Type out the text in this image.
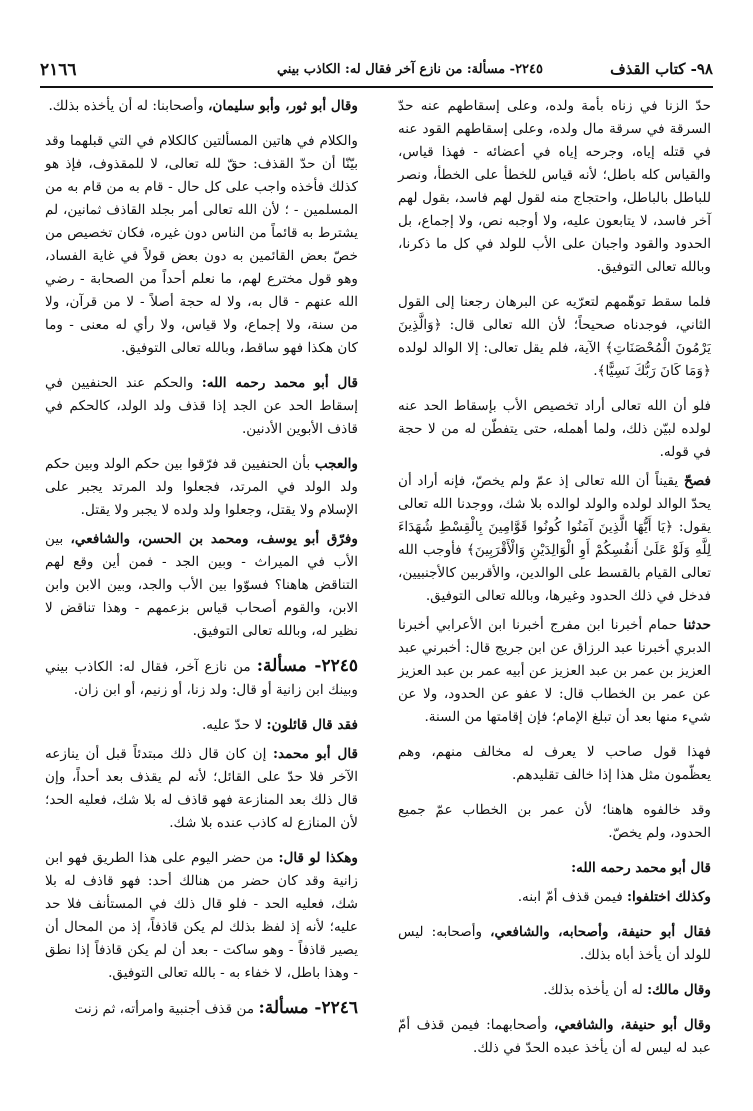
٩٨- كتاب القذف
٢٢٤٥- مسألة: من نازع آخر فقال له: الكاذب بيني
٢١٦٦

حدّ الزنا في زناه بأمة ولده، وعلى إسقاطهم عنه حدّ السرقة في سرقة مال ولده، وعلى إسقاطهم القود عنه في قتله إياه، وجرحه إياه في أعضائه - فهذا قياس، والقياس كله باطل؛ لأنه قياس للخطأ على الخطأ، ونصر للباطل بالباطل، واحتجاج منه لقول لهم فاسد، بقول لهم آخر فاسد، لا يتابعون عليه، ولا أوجبه نص، ولا إجماع، بل الحدود والقود واجبان على الأب للولد في كل ما ذكرنا، وبالله تعالى التوفيق.

فلما سقط توهّمهم لتعرّيه عن البرهان رجعنا إلى القول الثاني، فوجدناه صحيحاً؛ لأن الله تعالى قال: ﴿وَالَّذِينَ يَرْمُونَ الْمُحْصَنَاتِ﴾ الآية، فلم يقل تعالى: إلا الوالد لولده ﴿وَمَا كَانَ رَبُّكَ نَسِيًّا﴾.

فلو أن الله تعالى أراد تخصيص الأب بإسقاط الحد عنه لولده لبيّن ذلك، ولما أهمله، حتى يتفطّن له من لا حجة في قوله.

فصحّ يقيناً أن الله تعالى إذ عمّ ولم يخصّ، فإنه أراد أن يحدّ الوالد لولده والولد لوالده بلا شك، ووجدنا الله تعالى يقول: ﴿يَا أَيُّهَا الَّذِينَ آمَنُوا كُونُوا قَوَّامِينَ بِالْقِسْطِ شُهَدَاءَ لِلَّهِ وَلَوْ عَلَىٰ أَنفُسِكُمْ أَوِ الْوَالِدَيْنِ وَالْأَقْرَبِينَ﴾ فأوجب الله تعالى القيام بالقسط على الوالدين، والأقربين كالأجنبيين، فدخل في ذلك الحدود وغيرها، وبالله تعالى التوفيق.

حدثنا حمام أخبرنا ابن مفرج أخبرنا ابن الأعرابي أخبرنا الدبري أخبرنا عبد الرزاق عن ابن جريج قال: أخبرني عبد العزيز بن عمر بن عبد العزيز عن أبيه عمر بن عبد العزيز عن عمر بن الخطاب قال: لا عفو عن الحدود، ولا عن شيء منها بعد أن تبلغ الإمام؛ فإن إقامتها من السنة.

فهذا قول صاحب لا يعرف له مخالف منهم، وهم يعظّمون مثل هذا إذا خالف تقليدهم.

وقد خالفوه هاهنا؛ لأن عمر بن الخطاب عمّ جميع الحدود، ولم يخصّ.

قال أبو محمد رحمه الله:

وكذلك اختلفوا: فيمن قذف أمّ ابنه.

فقال أبو حنيفة، وأصحابه، والشافعي، وأصحابه: ليس للولد أن يأخذ أباه بذلك.

وقال مالك: له أن يأخذه بذلك.

وقال أبو حنيفة، والشافعي، وأصحابهما: فيمن قذف أمّ عبد له ليس له أن يأخذ عبده الحدّ في ذلك.

وقال أبو ثور، وأبو سليمان، وأصحابنا: له أن يأخذه بذلك.

والكلام في هاتين المسألتين كالكلام في التي قبلهما وقد بيّنّا أن حدّ القذف: حقّ لله تعالى، لا للمقذوف، فإذ هو كذلك فأخذه واجب على كل حال - قام به من قام به من المسلمين - ؛ لأن الله تعالى أمر بجلد القاذف ثمانين، لم يشترط به قائماً من الناس دون غيره، فكان تخصيص من خصّ بعض القائمين به دون بعض قولاً في غاية الفساد، وهو قول مخترع لهم، ما نعلم أحداً من الصحابة - رضي الله عنهم - قال به، ولا له حجة أصلاً - لا من قرآن، ولا من سنة، ولا إجماع، ولا قياس، ولا رأي له معنى - وما كان هكذا فهو ساقط، وبالله تعالى التوفيق.

قال أبو محمد رحمه الله: والحكم عند الحنفيين في إسقاط الحد عن الجد إذا قذف ولد الولد، كالحكم في قاذف الأبوين الأدنين.

والعجب بأن الحنفيين قد فرّقوا بين حكم الولد وبين حكم ولد الولد في المرتد، فجعلوا ولد المرتد يجبر على الإسلام ولا يقتل، وجعلوا ولد ولده لا يجبر ولا يقتل.

وفرّق أبو يوسف، ومحمد بن الحسن، والشافعي، بين الأب في الميراث - وبين الجد - فمن أين وقع لهم التناقض هاهنا؟ فسوّوا بين الأب والجد، وبين الابن وابن الابن، والقوم أصحاب قياس بزعمهم - وهذا تناقض لا نظير له، وبالله تعالى التوفيق.

٢٢٤٥- مسألة: من نازع آخر، فقال له: الكاذب بيني وبينك ابن زانية أو قال: ولد زنا، أو زنيم، أو ابن زان.

فقد قال قائلون: لا حدّ عليه.

قال أبو محمد: إن كان قال ذلك مبتدئاً قبل أن ينازعه الآخر فلا حدّ على القائل؛ لأنه لم يقذف بعد أحداً، وإن قال ذلك بعد المنازعة فهو قاذف له بلا شك، فعليه الحد؛ لأن المنازع له كاذب عنده بلا شك.

وهكذا لو قال: من حضر اليوم على هذا الطريق فهو ابن زانية وقد كان حضر من هنالك أحد: فهو قاذف له بلا شك، فعليه الحد - فلو قال ذلك في المستأنف فلا حد عليه؛ لأنه إذ لفظ بذلك لم يكن قاذفاً، إذ من المحال أن يصير قاذفاً - وهو ساكت - بعد أن لم يكن قاذفاً إذا نطق - وهذا باطل، لا خفاء به - بالله تعالى التوفيق.

٢٢٤٦- مسألة: من قذف أجنبية وامرأته، ثم زنت
